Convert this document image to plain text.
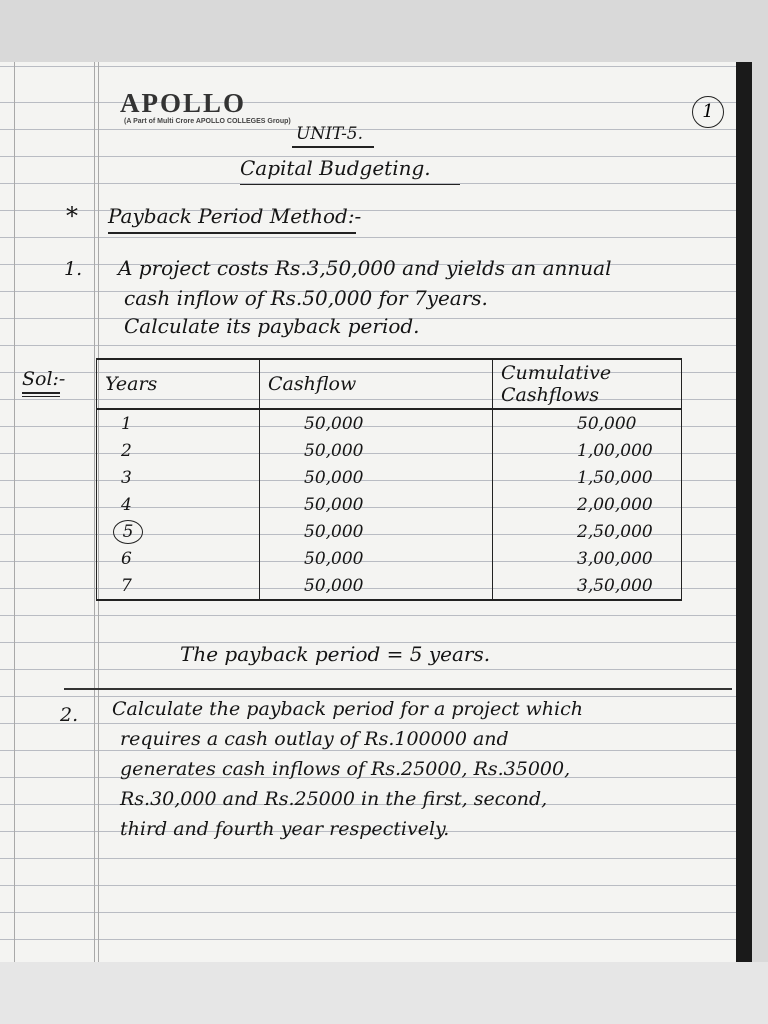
APOLLO
(A Part of Multi Crore APOLLO COLLEGES Group)	1
UNIT-5.
Capital Budgeting.
* Payback Period Method:-
1. A project costs Rs.3,50,000 and yields an annual
cash inflow of Rs.50,000 for 7years.
Calculate its payback period.
Sol:- Years	Cashflow	Cumulative Cashflows
1	50,000	50,000
2	50,000	1,00,000
3	50,000	1,50,000
4	50,000	2,00,000
5	50,000	2,50,000
6	50,000	3,00,000
7	50,000	3,50,000
The payback period = 5 years.
2. Calculate the payback period for a project which
requires a cash outlay of Rs.100000 and
generates cash inflows of Rs.25000, Rs.35000,
Rs.30,000 and Rs.25000 in the first, second,
third and fourth year respectively.
